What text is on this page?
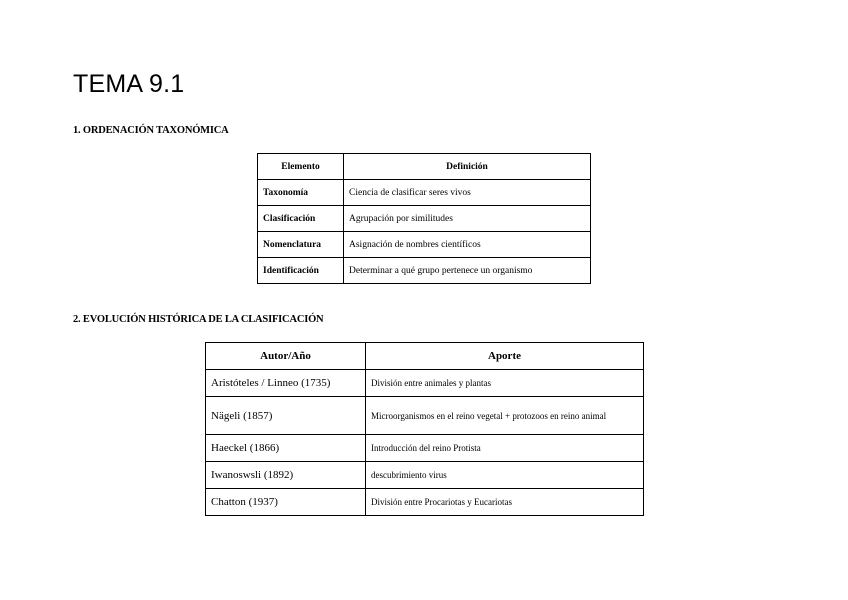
TEMA 9.1
1. ORDENACIÓN TAXONÓMICA
Elemento	Definición
Taxonomía	Ciencia de clasificar seres vivos
Clasificación	Agrupación por similitudes
Nomenclatura	Asignación de nombres científicos
Identificación	Determinar a qué grupo pertenece un organismo
2. EVOLUCIÓN HISTÓRICA DE LA CLASIFICACIÓN
Autor/Año	Aporte
Aristóteles / Linneo (1735)	División entre animales y plantas
Nägeli (1857)	Microorganismos en el reino vegetal + protozoos en reino animal
Haeckel (1866)	Introducción del reino Protista
Iwanoswsli (1892)	descubrimiento virus
Chatton (1937)	División entre Procariotas y Eucariotas
